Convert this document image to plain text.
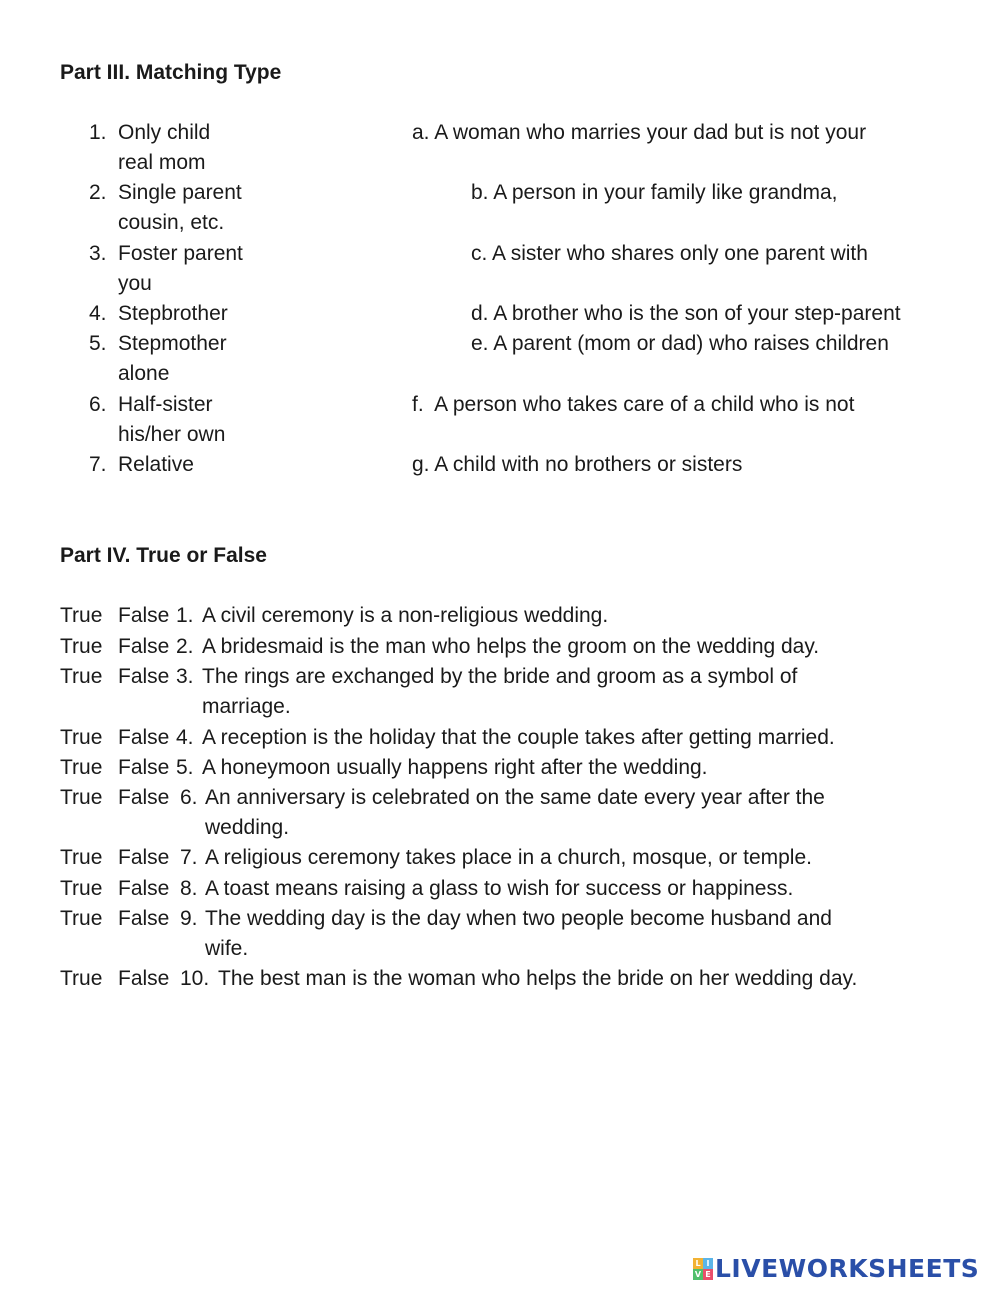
Part III. Matching Type
1. Only child	a. A woman who marries your dad but is not your
real mom
2. Single parent	b. A person in your family like grandma,
cousin, etc.
3. Foster parent	c. A sister who shares only one parent with
you
4. Stepbrother	d. A brother who is the son of your step-parent
5. Stepmother	e. A parent (mom or dad) who raises children
alone
6. Half-sister	f.  A person who takes care of a child who is not
his/her own
7. Relative	g. A child with no brothers or sisters
Part IV. True or False
True False 1. A civil ceremony is a non-religious wedding.
True False 2. A bridesmaid is the man who helps the groom on the wedding day.
True False 3. The rings are exchanged by the bride and groom as a symbol of
marriage.
True False 4. A reception is the holiday that the couple takes after getting married.
True False 5. A honeymoon usually happens right after the wedding.
True False 6. An anniversary is celebrated on the same date every year after the
wedding.
True False 7. A religious ceremony takes place in a church, mosque, or temple.
True False 8. A toast means raising a glass to wish for success or happiness.
True False 9. The wedding day is the day when two people become husband and
wife.
True False 10. The best man is the woman who helps the bride on her wedding day.
L I
V E LIVEWORKSHEETS
